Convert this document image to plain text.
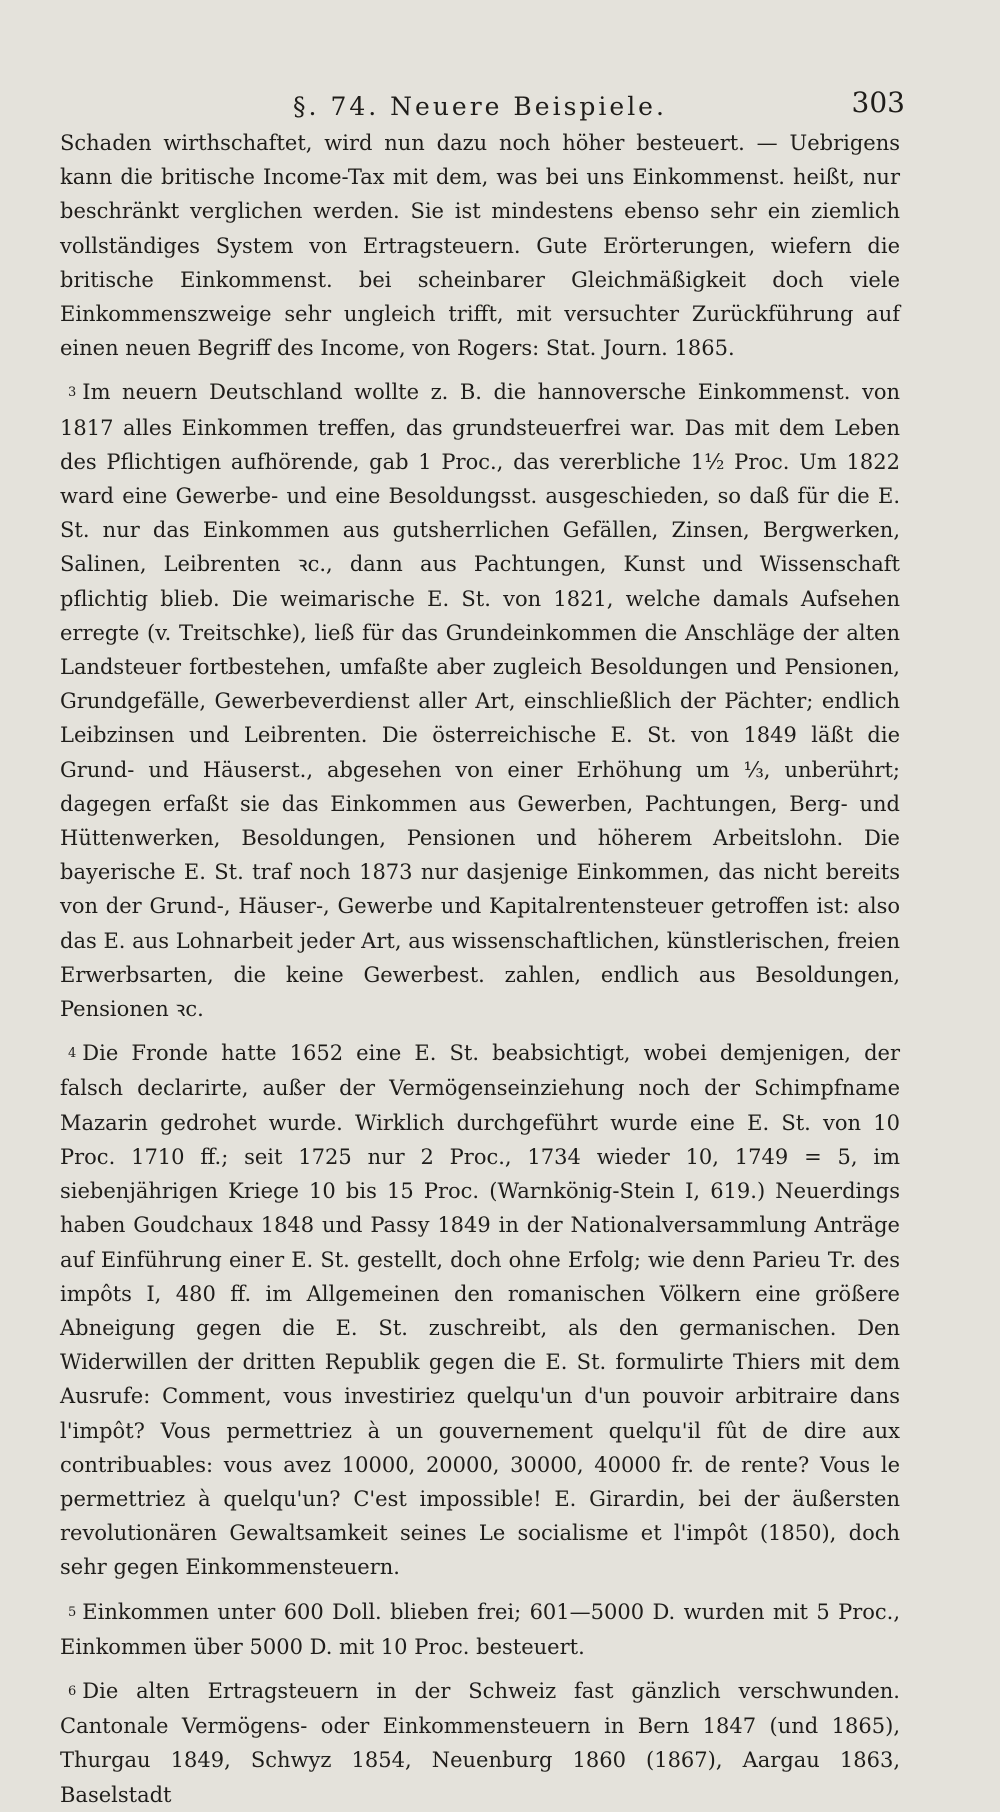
§. 74. Neuere Beispiele.	303

Schaden wirthschaftet, wird nun dazu noch höher besteuert. — Uebrigens kann die britische Income-Tax mit dem, was bei uns Einkommenst. heißt, nur beschränkt verglichen werden. Sie ist mindestens ebenso sehr ein ziemlich vollständiges System von Ertragsteuern. Gute Erörterungen, wiefern die britische Einkommenst. bei scheinbarer Gleichmäßigkeit doch viele Einkommenszweige sehr ungleich trifft, mit versuchter Zurückführung auf einen neuen Begriff des Income, von Rogers: Stat. Journ. 1865.

3 Im neuern Deutschland wollte z. B. die hannoversche Einkommenst. von 1817 alles Einkommen treffen, das grundsteuerfrei war. Das mit dem Leben des Pflichtigen aufhörende, gab 1 Proc., das vererbliche 1½ Proc. Um 1822 ward eine Gewerbe- und eine Besoldungsst. ausgeschieden, so daß für die E. St. nur das Einkommen aus gutsherrlichen Gefällen, Zinsen, Bergwerken, Salinen, Leibrenten ꝛc., dann aus Pachtungen, Kunst und Wissenschaft pflichtig blieb. Die weimarische E. St. von 1821, welche damals Aufsehen erregte (v. Treitschke), ließ für das Grundeinkommen die Anschläge der alten Landsteuer fortbestehen, umfaßte aber zugleich Besoldungen und Pensionen, Grundgefälle, Gewerbeverdienst aller Art, einschließlich der Pächter; endlich Leibzinsen und Leibrenten. Die österreichische E. St. von 1849 läßt die Grund- und Häuserst., abgesehen von einer Erhöhung um ⅓, unberührt; dagegen erfaßt sie das Einkommen aus Gewerben, Pachtungen, Berg- und Hüttenwerken, Besoldungen, Pensionen und höherem Arbeitslohn. Die bayerische E. St. traf noch 1873 nur dasjenige Einkommen, das nicht bereits von der Grund-, Häuser-, Gewerbe und Kapitalrentensteuer getroffen ist: also das E. aus Lohnarbeit jeder Art, aus wissenschaftlichen, künstlerischen, freien Erwerbsarten, die keine Gewerbest. zahlen, endlich aus Besoldungen, Pensionen ꝛc.

4 Die Fronde hatte 1652 eine E. St. beabsichtigt, wobei demjenigen, der falsch declarirte, außer der Vermögenseinziehung noch der Schimpfname Mazarin gedrohet wurde. Wirklich durchgeführt wurde eine E. St. von 10 Proc. 1710 ff.; seit 1725 nur 2 Proc., 1734 wieder 10, 1749 = 5, im siebenjährigen Kriege 10 bis 15 Proc. (Warnkönig-Stein I, 619.) Neuerdings haben Goudchaux 1848 und Passy 1849 in der Nationalversammlung Anträge auf Einführung einer E. St. gestellt, doch ohne Erfolg; wie denn Parieu Tr. des impôts I, 480 ff. im Allgemeinen den romanischen Völkern eine größere Abneigung gegen die E. St. zuschreibt, als den germanischen. Den Widerwillen der dritten Republik gegen die E. St. formulirte Thiers mit dem Ausrufe: Comment, vous investiriez quelqu'un d'un pouvoir arbitraire dans l'impôt? Vous permettriez à un gouvernement quelqu'il fût de dire aux contribuables: vous avez 10000, 20000, 30000, 40000 fr. de rente? Vous le permettriez à quelqu'un? C'est impossible! E. Girardin, bei der äußersten revolutionären Gewaltsamkeit seines Le socialisme et l'impôt (1850), doch sehr gegen Einkommensteuern.

5 Einkommen unter 600 Doll. blieben frei; 601—5000 D. wurden mit 5 Proc., Einkommen über 5000 D. mit 10 Proc. besteuert.

6 Die alten Ertragsteuern in der Schweiz fast gänzlich verschwunden. Cantonale Vermögens- oder Einkommensteuern in Bern 1847 (und 1865), Thurgau 1849, Schwyz 1854, Neuenburg 1860 (1867), Aargau 1863, Baselstadt
